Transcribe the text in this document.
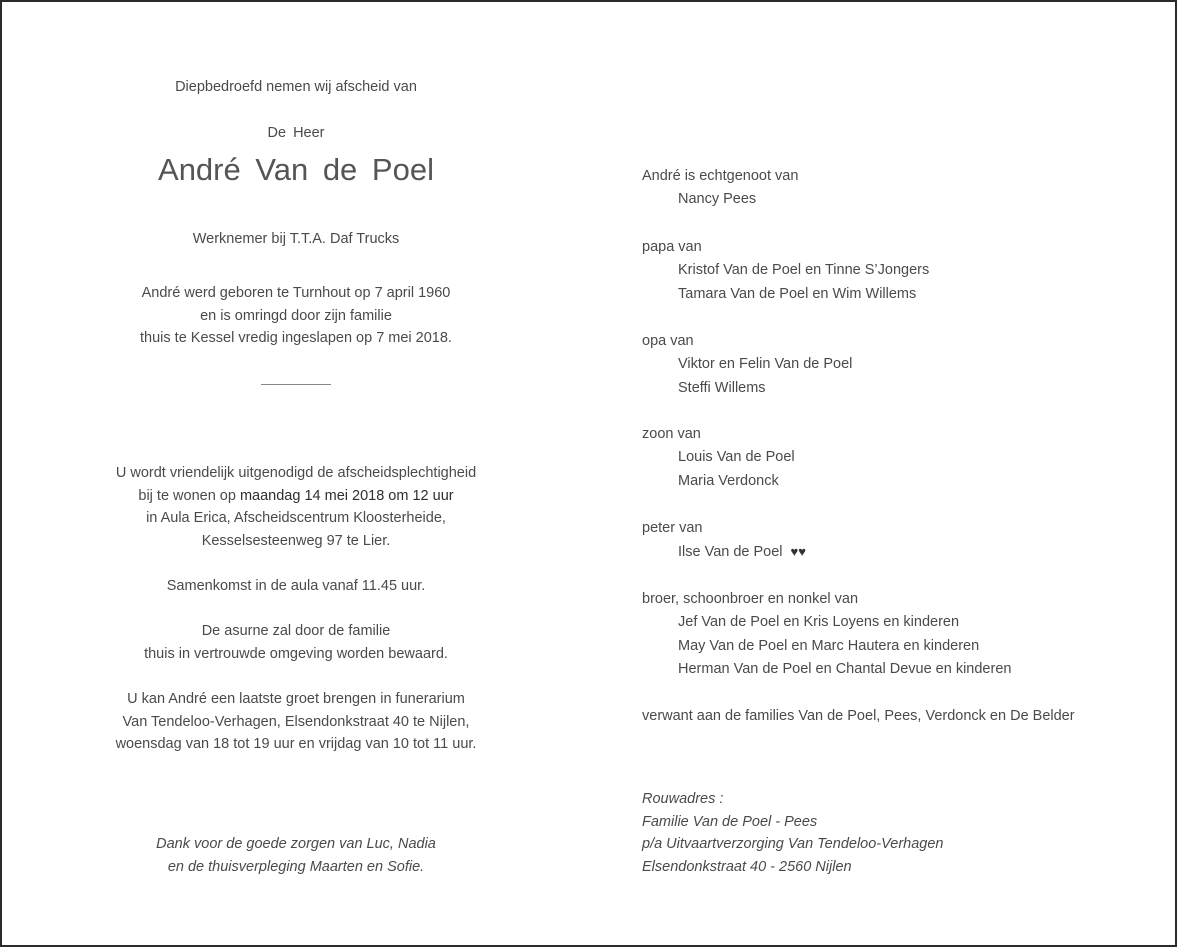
Diepbedroefd nemen wij afscheid van
De Heer
André Van de Poel
Werknemer bij T.T.A. Daf Trucks
André werd geboren te Turnhout op 7 april 1960
en is omringd door zijn familie
thuis te Kessel vredig ingeslapen op 7 mei 2018.
U wordt vriendelijk uitgenodigd de afscheidsplechtigheid
bij te wonen op maandag 14 mei 2018 om 12 uur
in Aula Erica, Afscheidscentrum Kloosterheide,
Kesselsesteenweg 97 te Lier.
Samenkomst in de aula vanaf 11.45 uur.
De asurne zal door de familie
thuis in vertrouwde omgeving worden bewaard.
U kan André een laatste groet brengen in funerarium
Van Tendeloo-Verhagen, Elsendonkstraat 40 te Nijlen,
woensdag van 18 tot 19 uur en vrijdag van 10 tot 11 uur.
Dank voor de goede zorgen van Luc, Nadia
en de thuisverpleging Maarten en Sofie.
André is echtgenoot van
Nancy Pees
papa van
Kristof Van de Poel en Tinne S’Jongers
Tamara Van de Poel en Wim Willems
opa van
Viktor en Felin Van de Poel
Steffi Willems
zoon van
Louis Van de Poel
Maria Verdonck
peter van
Ilse Van de Poel ♥♥
broer, schoonbroer en nonkel van
Jef Van de Poel en Kris Loyens en kinderen
May Van de Poel en Marc Hautera en kinderen
Herman Van de Poel en Chantal Devue en kinderen
verwant aan de families Van de Poel, Pees, Verdonck en De Belder
Rouwadres :
Familie Van de Poel - Pees
p/a Uitvaartverzorging Van Tendeloo-Verhagen
Elsendonkstraat 40 - 2560 Nijlen
